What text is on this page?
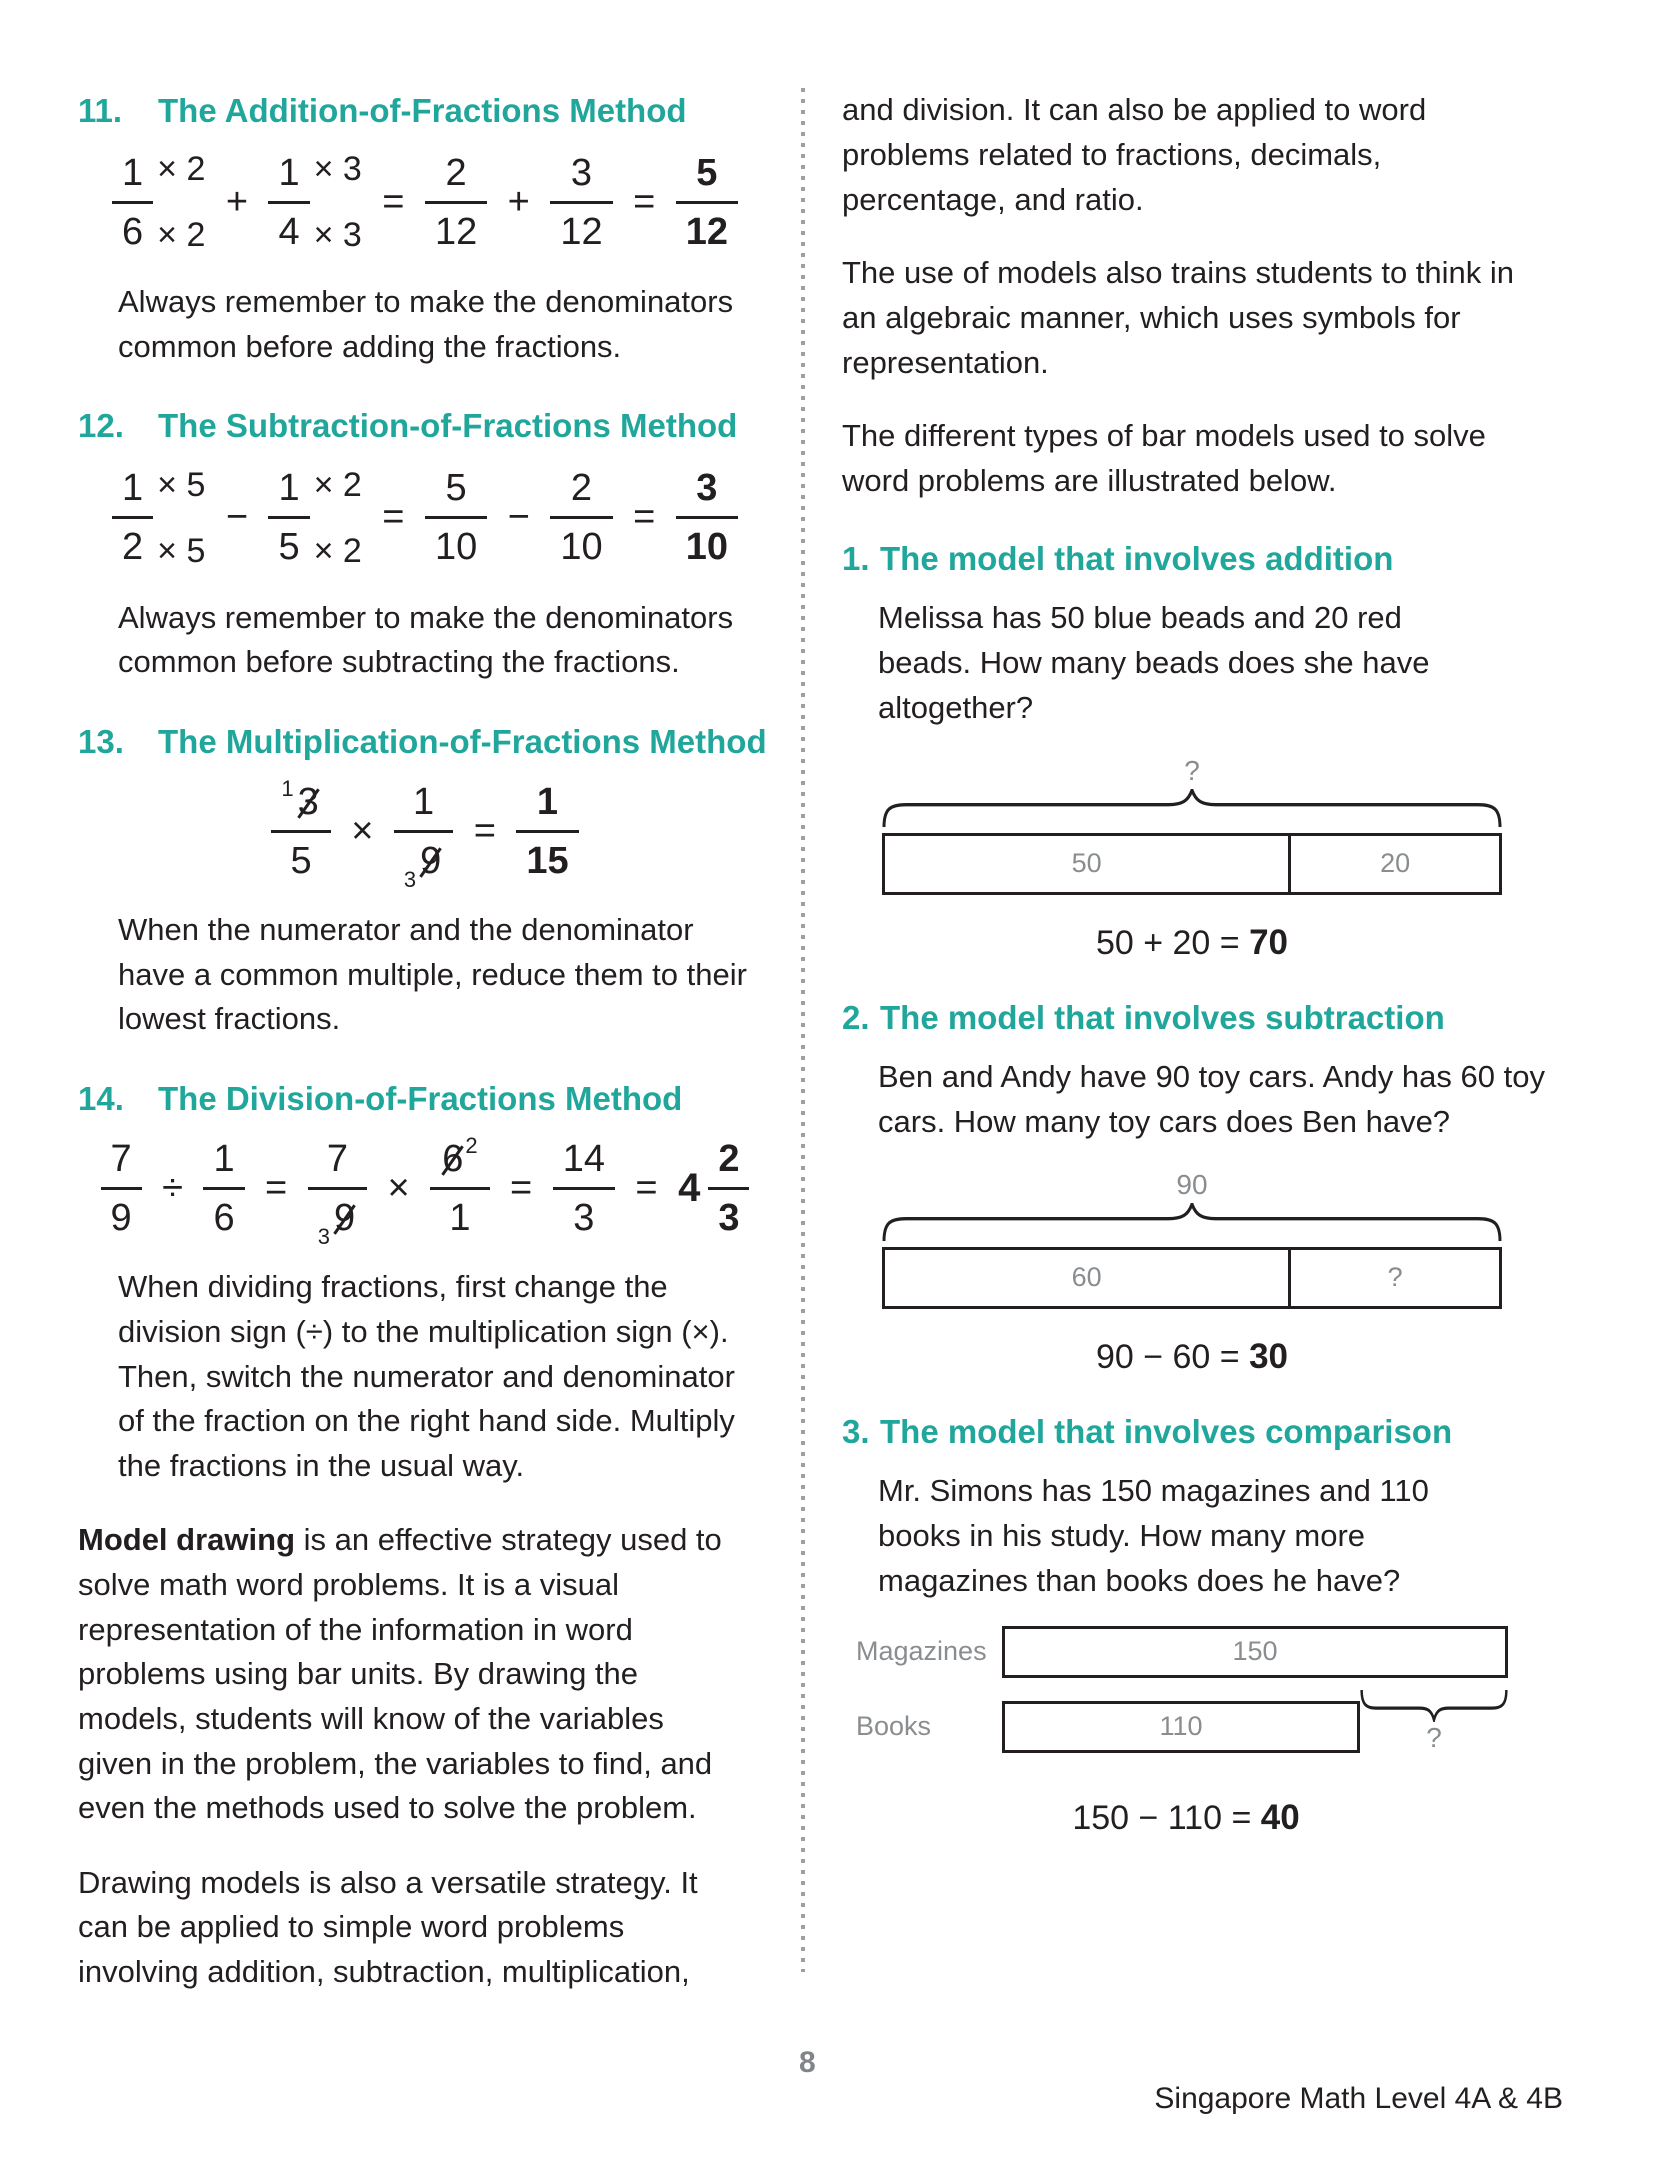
11.	The Addition-of-Fractions Method
$\frac{1}{6} \times 2$
× 2
+ $\frac{1}{4} \times 3$
× 3
= $\frac{2}{12} + \frac{3}{12} = \frac{5}{12}$
Always remember to make the denominators common before adding the fractions.
12.	The Subtraction-of-Fractions Method
$\frac{1}{2} \times 5$
× 5
− $\frac{1}{5} \times 2$
× 2
= $\frac{5}{10} - \frac{2}{10} = \frac{3}{10}$
Always remember to make the denominators common before subtracting the fractions.
13.	The Multiplication-of-Fractions Method
$\frac{^1 3}{5} \times \frac{1}{_3 9} = \frac{1}{15}$
When the numerator and the denominator have a common multiple, reduce them to their lowest fractions.
14.	The Division-of-Fractions Method
$\frac{7}{9} \div \frac{1}{6} = \frac{7}{_3 9} \times \frac{6^2}{1} = \frac{14}{3} = 4 \frac{2}{3}$
When dividing fractions, first change the division sign (÷) to the multiplication sign (×). Then, switch the numerator and denominator of the fraction on the right hand side. Multiply the fractions in the usual way.
Model drawing is an effective strategy used to solve math word problems. It is a visual representation of the information in word problems using bar units. By drawing the models, students will know of the variables given in the problem, the variables to find, and even the methods used to solve the problem.
Drawing models is also a versatile strategy. It can be applied to simple word problems involving addition, subtraction, multiplication,
and division. It can also be applied to word problems related to fractions, decimals, percentage, and ratio.
The use of models also trains students to think in an algebraic manner, which uses symbols for representation.
The different types of bar models used to solve word problems are illustrated below.
1. The model that involves addition
Melissa has 50 blue beads and 20 red beads. How many beads does she have altogether?
?
50	20
50 + 20 = 70
2. The model that involves subtraction
Ben and Andy have 90 toy cars. Andy has 60 toy cars. How many toy cars does Ben have?
90
60	?
90 − 60 = 30
3. The model that involves comparison
Mr. Simons has 150 magazines and 110 books in his study. How many more magazines than books does he have?
Magazines	150
Books	110	?
150 − 110 = 40
8
Singapore Math Level 4A & 4B
